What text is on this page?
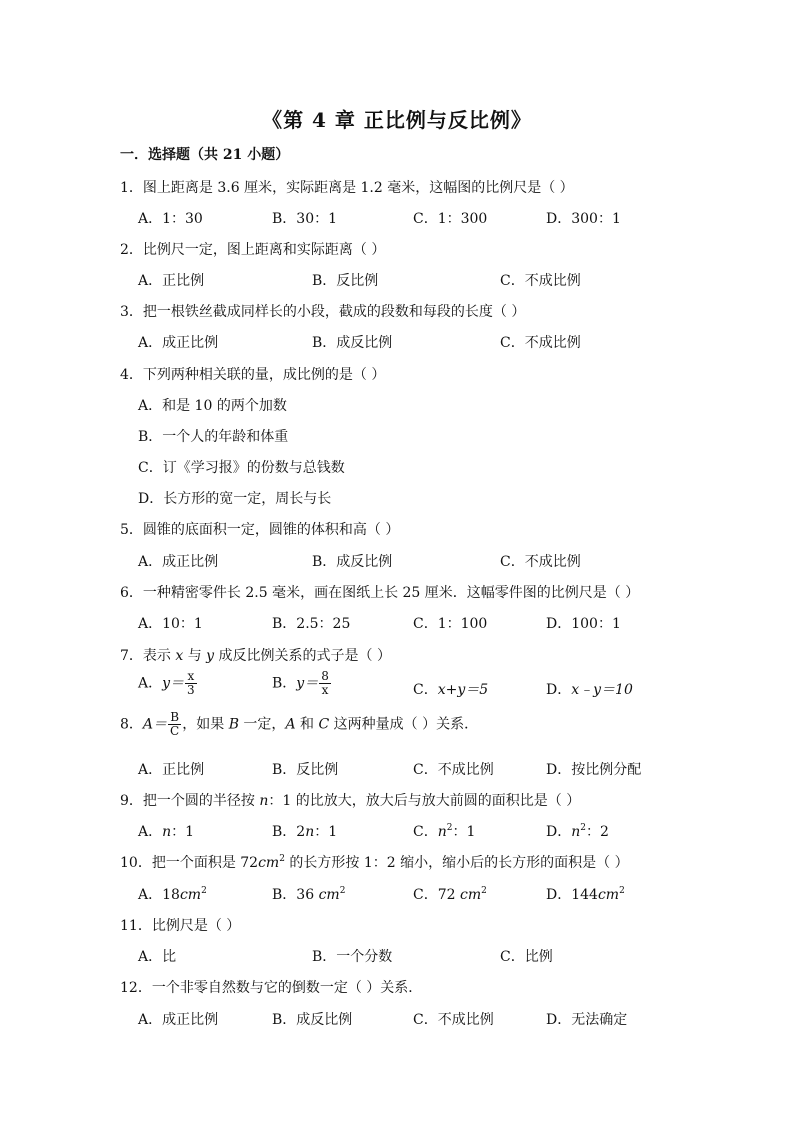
《第 4 章 正比例与反比例》
一．选择题（共 21 小题）
1．图上距离是 3.6 厘米，实际距离是 1.2 毫米，这幅图的比例尺是（ ）
A．1：30	B．30：1	C．1：300	D．300：1
2．比例尺一定，图上距离和实际距离（ ）
A．正比例	B．反比例	C．不成比例
3．把一根铁丝截成同样长的小段，截成的段数和每段的长度（ ）
A．成正比例	B．成反比例	C．不成比例
4．下列两种相关联的量，成比例的是（ ）
A．和是 10 的两个加数
B．一个人的年龄和体重
C．订《学习报》的份数与总钱数
D．长方形的宽一定，周长与长
5．圆锥的底面积一定，圆锥的体积和高（ ）
A．成正比例	B．成反比例	C．不成比例
6．一种精密零件长 2.5 毫米，画在图纸上长 25 厘米．这幅零件图的比例尺是（ ）
A．10：1	B．2.5：25	C．1：100	D．100：1
7．表示 x 与 y 成反比例关系的式子是（ ）
A．$y= \frac{x}{3}$	B．$y= \frac{8}{x}$	C．x+y＝5	D．x﹣y＝10
8．$A= \frac{B}{C}$ ，如果 B 一定，A 和 C 这两种量成（ ）关系．
A．正比例	B．反比例	C．不成比例	D．按比例分配
9．把一个圆的半径按 n：1 的比放大，放大后与放大前圆的面积比是（ ）
A．n：1	B．2n：1	C．$n^2$：1	D．$n^2$：2
10．把一个面积是 $72cm^2$ 的长方形按 1：2 缩小，缩小后的长方形的面积是（ ）
A．$18cm^2$	B．36 $cm^2$	C．72 $cm^2$	D．$144cm^2$
11．比例尺是（ ）
A．比	B．一个分数	C．比例
12．一个非零自然数与它的倒数一定（ ）关系．
A．成正比例	B．成反比例	C．不成比例	D．无法确定
